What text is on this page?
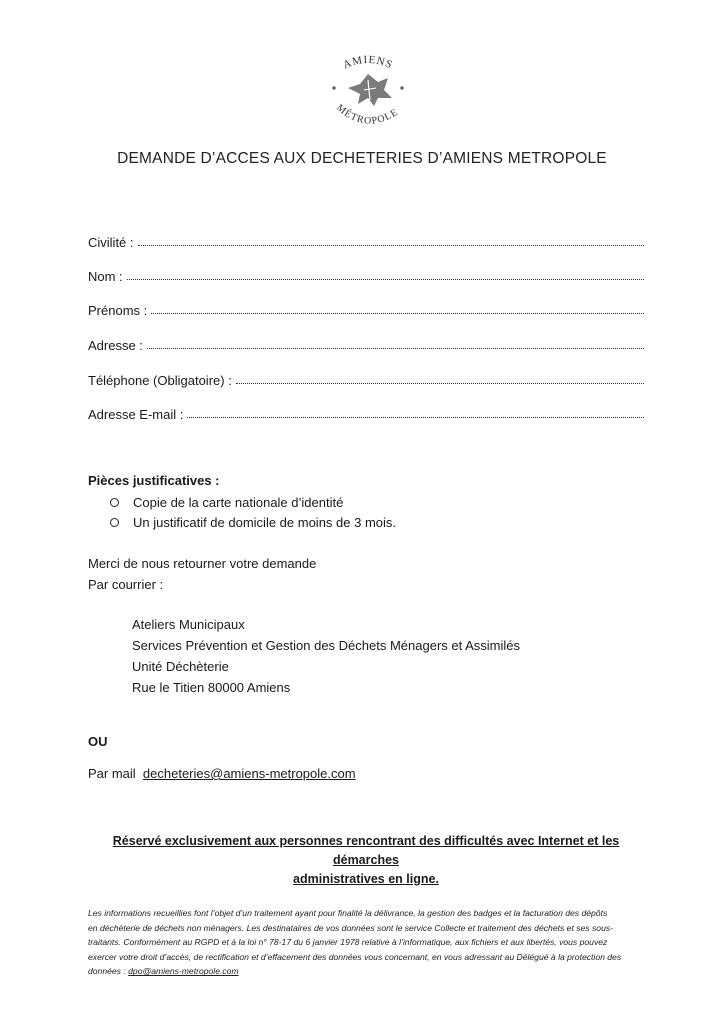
AMIENS
MÉTROPOLE
DEMANDE D’ACCES AUX DECHETERIES D’AMIENS METROPOLE
Civilité :
Nom :
Prénoms :
Adresse :
Téléphone (Obligatoire) :
Adresse E-mail :
Pièces justificatives :
Copie de la carte nationale d’identité
Un justificatif de domicile de moins de 3 mois.
Merci de nous retourner votre demande
Par courrier :
Ateliers Municipaux
Services Prévention et Gestion des Déchets Ménagers et Assimilés
Unité Déchèterie
Rue le Titien 80000 Amiens
OU
Par mail decheteries@amiens-metropole.com
Réservé exclusivement aux personnes rencontrant des difficultés avec Internet et les démarches
administratives en ligne.
Les informations recueillies font l’objet d’un traitement ayant pour finalité la délivrance, la gestion des badges et la facturation des dépôts
en déchèterie de déchets non ménagers. Les destinataires de vos données sont le service Collecte et traitement des déchets et ses sous-
traitants. Conformément au RGPD et à la loi n° 78-17 du 6 janvier 1978 relative à l’informatique, aux fichiers et aux libertés, vous pouvez
exercer votre droit d’accès, de rectification et d’effacement des données vous concernant, en vous adressant au Délégué à la protection des
données : dpo@amiens-metropole.com
